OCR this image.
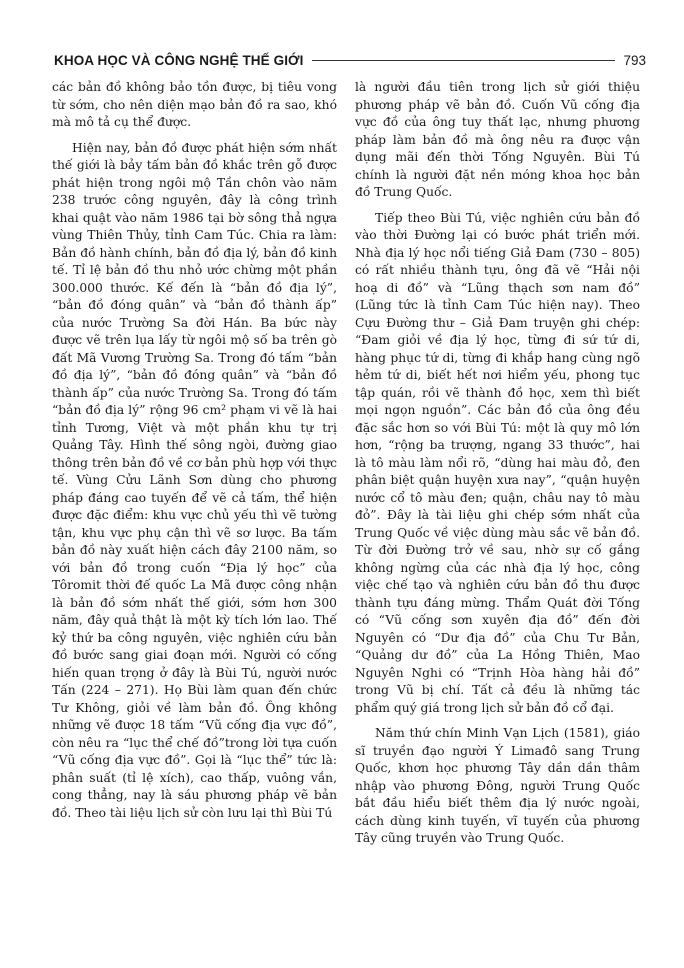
KHOA HỌC VÀ CÔNG NGHỆ THẾ GIỚI	793

các bản đồ không bảo tồn được, bị tiêu vong từ sớm, cho nên diện mạo bản đồ ra sao, khó mà mô tả cụ thể được.

Hiện nay, bản đồ được phát hiện sớm nhất thế giới là bảy tấm bản đồ khắc trên gỗ được phát hiện trong ngôi mộ Tần chôn vào năm 238 trước công nguyên, đây là công trình khai quật vào năm 1986 tại bờ sông thả ngựa vùng Thiên Thủy, tỉnh Cam Túc. Chia ra làm: Bản đồ hành chính, bản đồ địa lý, bản đồ kinh tế. Tỉ lệ bản đồ thu nhỏ ước chừng một phần 300.000 thước. Kế đến là “bản đồ địa lý”, “bản đồ đóng quân” và “bản đồ thành ấp” của nước Trường Sa đời Hán. Ba bức này được vẽ trên lụa lấy từ ngôi mộ số ba trên gò đất Mã Vương Trường Sa. Trong đó tấm “bản đồ địa lý”, “bản đồ đóng quân” và “bản đồ thành ấp” của nước Trường Sa. Trong đó tấm “bản đồ địa lý” rộng 96 cm² phạm vi vẽ là hai tỉnh Tương, Việt và một phần khu tự trị Quảng Tây. Hình thế sông ngòi, đường giao thông trên bản đồ về cơ bản phù hợp với thực tế. Vùng Cửu Lãnh Sơn dùng cho phương pháp đáng cao tuyến để vẽ cả tấm, thể hiện được đặc điểm: khu vực chủ yếu thì vẽ tường tận, khu vực phụ cận thì vẽ sơ lược. Ba tấm bản đồ này xuất hiện cách đây 2100 năm, so với bản đồ trong cuốn “Địa lý học” của Tôromit thời đế quốc La Mã được công nhận là bản đồ sớm nhất thế giới, sớm hơn 300 năm, đây quả thật là một kỳ tích lớn lao. Thế kỷ thứ ba công nguyên, việc nghiên cứu bản đồ bước sang giai đoạn mới. Người có cống hiến quan trọng ở đây là Bùi Tú, người nước Tấn (224 – 271). Họ Bùi làm quan đến chức Tư Không, giỏi về làm bản đồ. Ông không những vẽ được 18 tấm “Vũ cống địa vực đồ”, còn nêu ra “lục thể chế đồ”trong lời tựa cuốn “Vũ cống địa vực đồ”. Gọi là “lục thể” tức là: phân suất (tỉ lệ xích), cao thấp, vuông vắn, cong thẳng, nay là sáu phương pháp vẽ bản đồ. Theo tài liệu lịch sử còn lưu lại thì Bùi Tú

là người đầu tiên trong lịch sử giới thiệu phương pháp vẽ bản đồ. Cuốn Vũ cống địa vực đồ của ông tuy thất lạc, nhưng phương pháp làm bản đồ mà ông nêu ra được vận dụng mãi đến thời Tống Nguyên. Bùi Tú chính là người đặt nền móng khoa học bản đồ Trung Quốc.

Tiếp theo Bùi Tú, việc nghiên cứu bản đồ vào thời Đường lại có bước phát triển mới. Nhà địa lý học nổi tiếng Giả Đam (730 – 805) có rất nhiều thành tựu, ông đã vẽ “Hải nội hoạ di đồ” và “Lũng thạch sơn nam đồ” (Lũng tức là tỉnh Cam Túc hiện nay). Theo Cựu Đường thư – Giả Đam truyện ghi chép: “Đam giỏi về địa lý học, từng đi sứ tứ di, hàng phục tứ di, từng đi khắp hang cùng ngõ hẻm tứ di, biết hết nơi hiểm yếu, phong tục tập quán, rồi vẽ thành đồ học, xem thì biết mọi ngọn nguồn”. Các bản đồ của ông đều đặc sắc hơn so với Bùi Tú: một là quy mô lớn hơn, “rộng ba trượng, ngang 33 thước”, hai là tô màu làm nổi rõ, “dùng hai màu đỏ, đen phân biệt quận huyện xưa nay”, “quận huyện nước cổ tô màu đen; quận, châu nay tô màu đỏ”. Đây là tài liệu ghi chép sớm nhất của Trung Quốc về việc dùng màu sắc vẽ bản đồ. Từ đời Đường trở về sau, nhờ sự cố gắng không ngừng của các nhà địa lý học, công việc chế tạo và nghiên cứu bản đồ thu được thành tựu đáng mừng. Thẩm Quát đời Tống có “Vũ cống sơn xuyên địa đồ” đến đời Nguyên có “Dư địa đồ” của Chu Tư Bản, “Quảng dư đồ” của La Hồng Thiên, Mao Nguyên Nghi có “Trịnh Hòa hàng hải đồ” trong Vũ bị chí. Tất cả đều là những tác phẩm quý giá trong lịch sử bản đồ cổ đại.

Năm thứ chín Minh Vạn Lịch (1581), giáo sĩ truyền đạo người Ý Limađô sang Trung Quốc, khơn học phương Tây dần dần thâm nhập vào phương Đông, người Trung Quốc bắt đầu hiểu biết thêm địa lý nước ngoài, cách dùng kinh tuyến, vĩ tuyến của phương Tây cũng truyền vào Trung Quốc.
